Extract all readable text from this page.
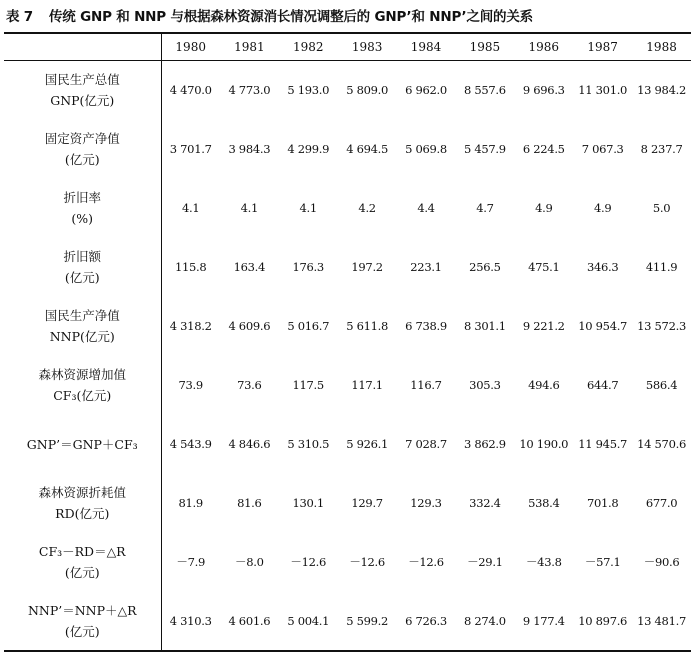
表 7 传统 GNP 和 NNP 与根据森林资源消长情况调整后的 GNP’和 NNP’之间的关系
	1980	1981	1982	1983	1984	1985	1986	1987	1988

国民生产总值
GNP(亿元)	4 470.0	4 773.0	5 193.0	5 809.0	6 962.0	8 557.6	9 696.3	11 301.0	13 984.2

固定资产净值
(亿元)	3 701.7	3 984.3	4 299.9	4 694.5	5 069.8	5 457.9	6 224.5	7 067.3	8 237.7

折旧率
(%)	4.1	4.1	4.1	4.2	4.4	4.7	4.9	4.9	5.0

折旧额
(亿元)	115.8	163.4	176.3	197.2	223.1	256.5	475.1	346.3	411.9

国民生产净值
NNP(亿元)	4 318.2	4 609.6	5 016.7	5 611.8	6 738.9	8 301.1	9 221.2	10 954.7	13 572.3

森林资源增加值
CF₃(亿元)	73.9	73.6	117.5	117.1	116.7	305.3	494.6	644.7	586.4

GNP’＝GNP＋CF₃	4 543.9	4 846.6	5 310.5	5 926.1	7 028.7	3 862.9	10 190.0	11 945.7	14 570.6

森林资源折耗值
RD(亿元)	81.9	81.6	130.1	129.7	129.3	332.4	538.4	701.8	677.0

CF₃－RD＝△R
(亿元)	－7.9	－8.0	－12.6	－12.6	－12.6	－29.1	－43.8	－57.1	－90.6

NNP’＝NNP＋△R
(亿元)	4 310.3	4 601.6	5 004.1	5 599.2	6 726.3	8 274.0	9 177.4	10 897.6	13 481.7
